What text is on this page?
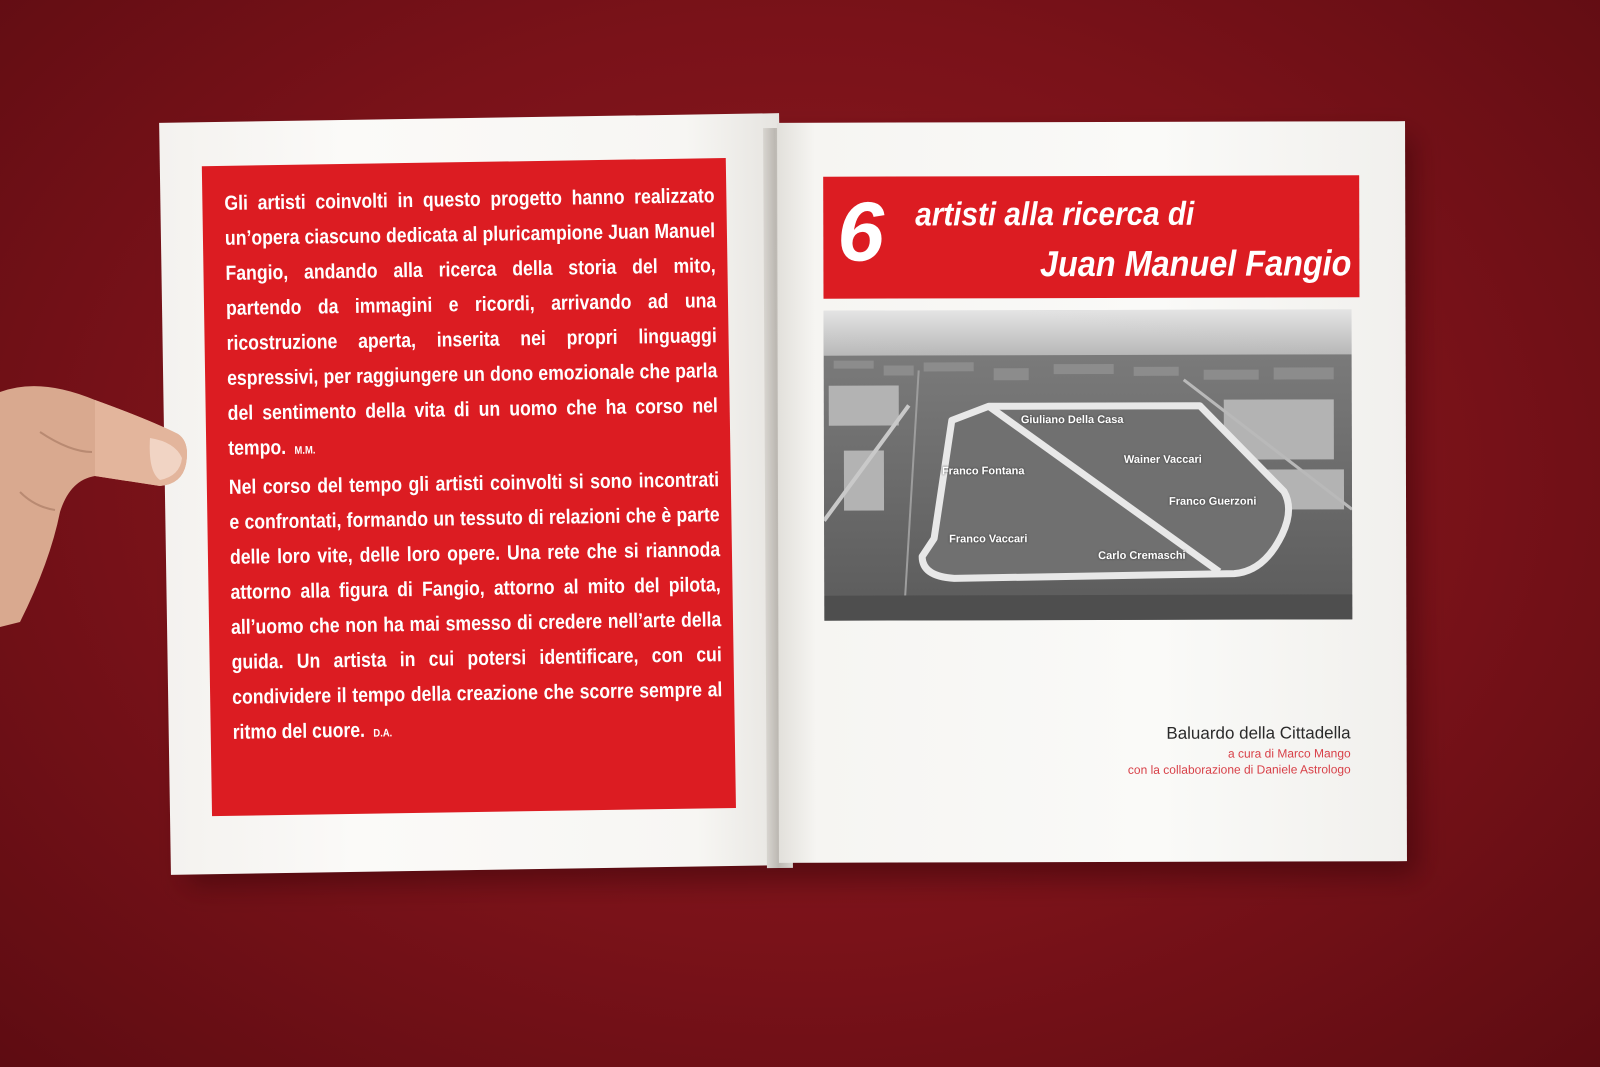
Gli artisti coinvolti in questo progetto hanno realizzato un’opera ciascuno dedicata al pluricampione Juan Manuel Fangio, andando alla ricerca della storia del mito, partendo da immagini e ricordi, arrivando ad una ricostruzione aperta, inserita nei propri linguaggi espressivi, per raggiungere un dono emozionale che parla del sentimento della vita di un uomo che ha corso nel tempo. M.M.

Nel corso del tempo gli artisti coinvolti si sono incontrati e confrontati, formando un tessuto di relazioni che è parte delle loro vite, delle loro opere. Una rete che si riannoda attorno alla figura di Fangio, attorno al mito del pilota, all’uomo che non ha mai smesso di credere nell’arte della guida. Un artista in cui potersi identificare, con cui condividere il tempo della creazione che scorre sempre al ritmo del cuore. D.A.

6 artisti alla ricerca di
Juan Manuel Fangio
Giuliano Della Casa
Wainer Vaccari
Franco Fontana
Franco Guerzoni
Franco Vaccari
Carlo Cremaschi
Baluardo della Cittadella
a cura di Marco Mango
con la collaborazione di Daniele Astrologo
